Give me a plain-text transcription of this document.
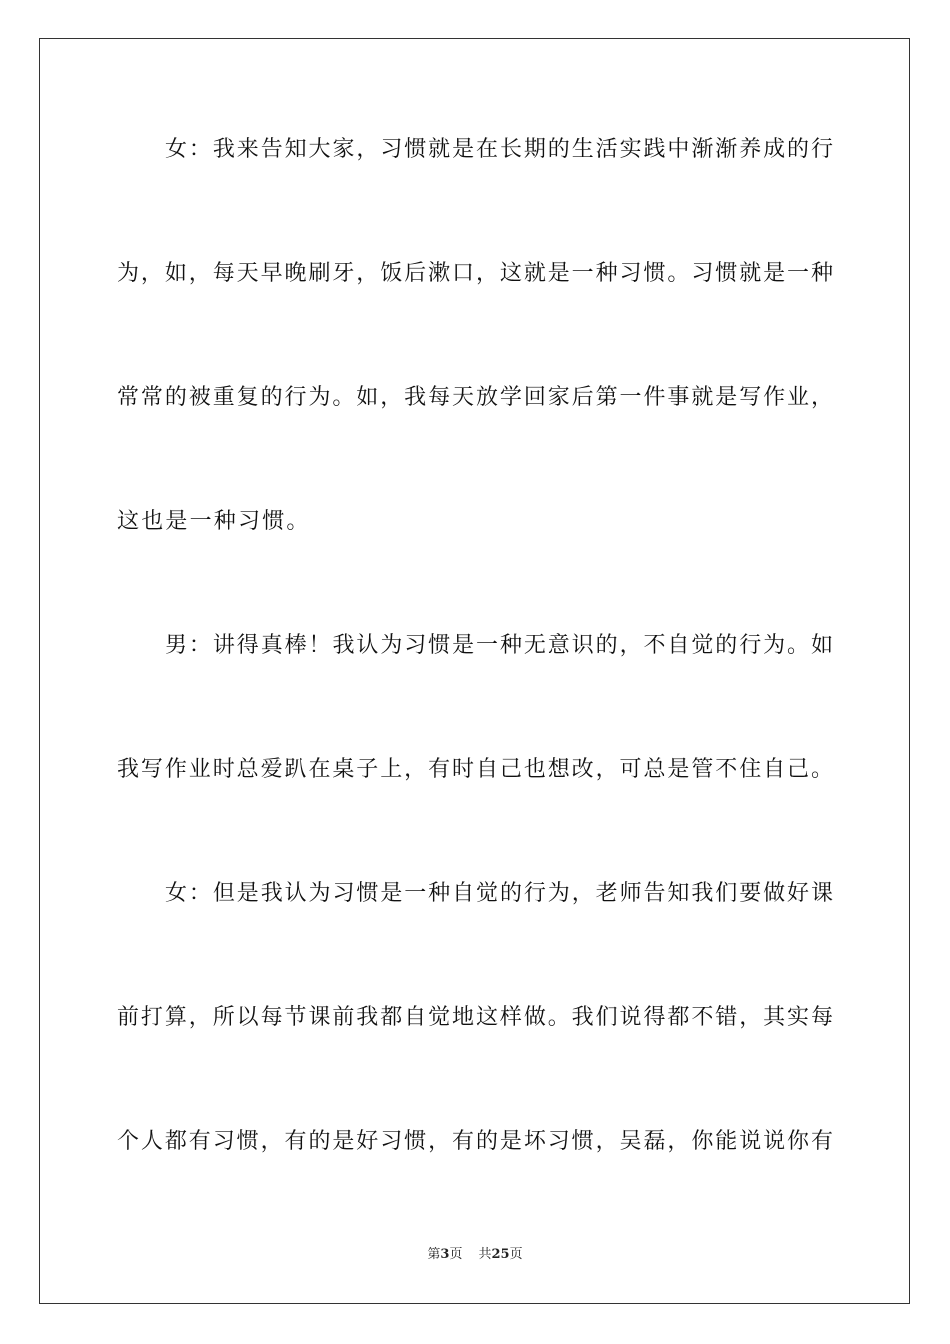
女：我来告知大家，习惯就是在长期的生活实践中渐渐养成的行
为，如，每天早晚刷牙，饭后漱口，这就是一种习惯。习惯就是一种
常常的被重复的行为。如，我每天放学回家后第一件事就是写作业，
这也是一种习惯。
男：讲得真棒！我认为习惯是一种无意识的，不自觉的行为。如
我写作业时总爱趴在桌子上，有时自己也想改，可总是管不住自己。
女：但是我认为习惯是一种自觉的行为，老师告知我们要做好课
前打算，所以每节课前我都自觉地这样做。我们说得都不错，其实每
个人都有习惯，有的是好习惯，有的是坏习惯，吴磊，你能说说你有
第3页 共25页
